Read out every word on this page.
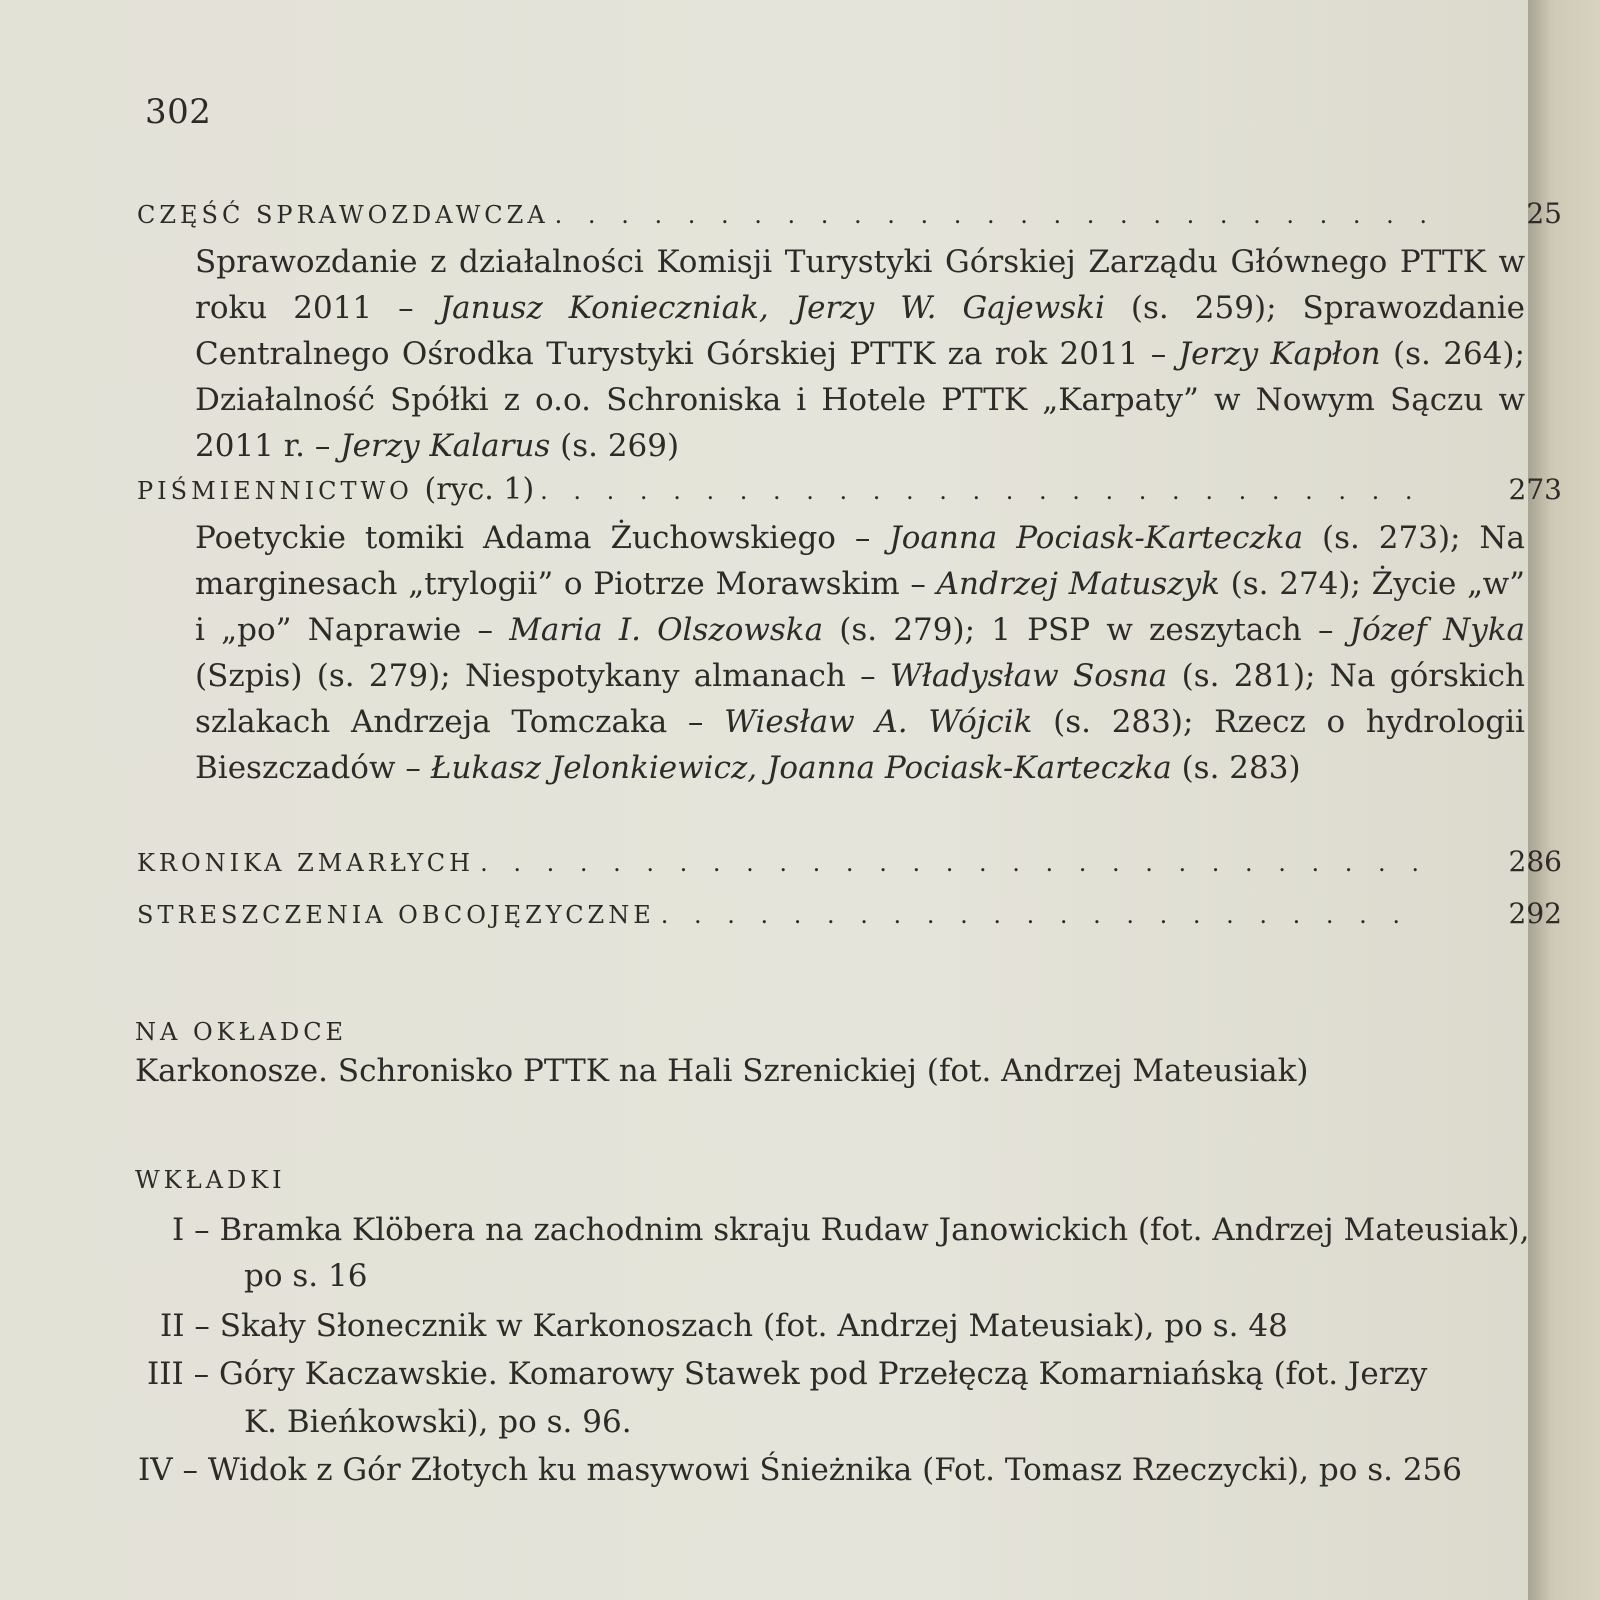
302
CZĘŚĆ SPRAWOZDAWCZA . . .	25
Sprawozdanie z działalności Komisji Turystyki Górskiej Zarządu Głównego PTTK w roku 2011 – Janusz Konieczniak, Jerzy W. Gajewski (s. 259); Sprawozdanie Centralnego Ośrodka Turystyki Górskiej PTTK za rok 2011 – Jerzy Kapłon (s. 264); Działalność Spółki z o.o. Schroniska i Hotele PTTK „Karpaty” w Nowym Sączu w 2011 r. – Jerzy Kalarus (s. 269)
PIŚMIENNICTWO (ryc. 1) . . .	273
Poetyckie tomiki Adama Żuchowskiego – Joanna Pociask-Karteczka (s. 273); Na marginesach „trylogii” o Piotrze Morawskim – Andrzej Matuszyk (s. 274); Życie „w” i „po” Naprawie – Maria I. Olszowska (s. 279); 1 PSP w zeszytach – Józef Nyka (Szpis) (s. 279); Niespotykany almanach – Władysław Sosna (s. 281); Na górskich szlakach Andrzeja Tomczaka – Wiesław A. Wójcik (s. 283); Rzecz o hydrologii Bieszczadów – Łukasz Jelonkiewicz, Joanna Pociask-Karteczka (s. 283)
KRONIKA ZMARŁYCH . . .	286
STRESZCZENIA OBCOJĘZYCZNE . . .	292
NA OKŁADCE
Karkonosze. Schronisko PTTK na Hali Szrenickiej (fot. Andrzej Mateusiak)
WKŁADKI
I – Bramka Klöbera na zachodnim skraju Rudaw Janowickich (fot. Andrzej Mateusiak),
po s. 16
II – Skały Słonecznik w Karkonoszach (fot. Andrzej Mateusiak), po s. 48
III – Góry Kaczawskie. Komarowy Stawek pod Przełęczą Komarniańską (fot. Jerzy
K. Bieńkowski), po s. 96.
IV – Widok z Gór Złotych ku masywowi Śnieżnika (Fot. Tomasz Rzeczycki), po s. 256
